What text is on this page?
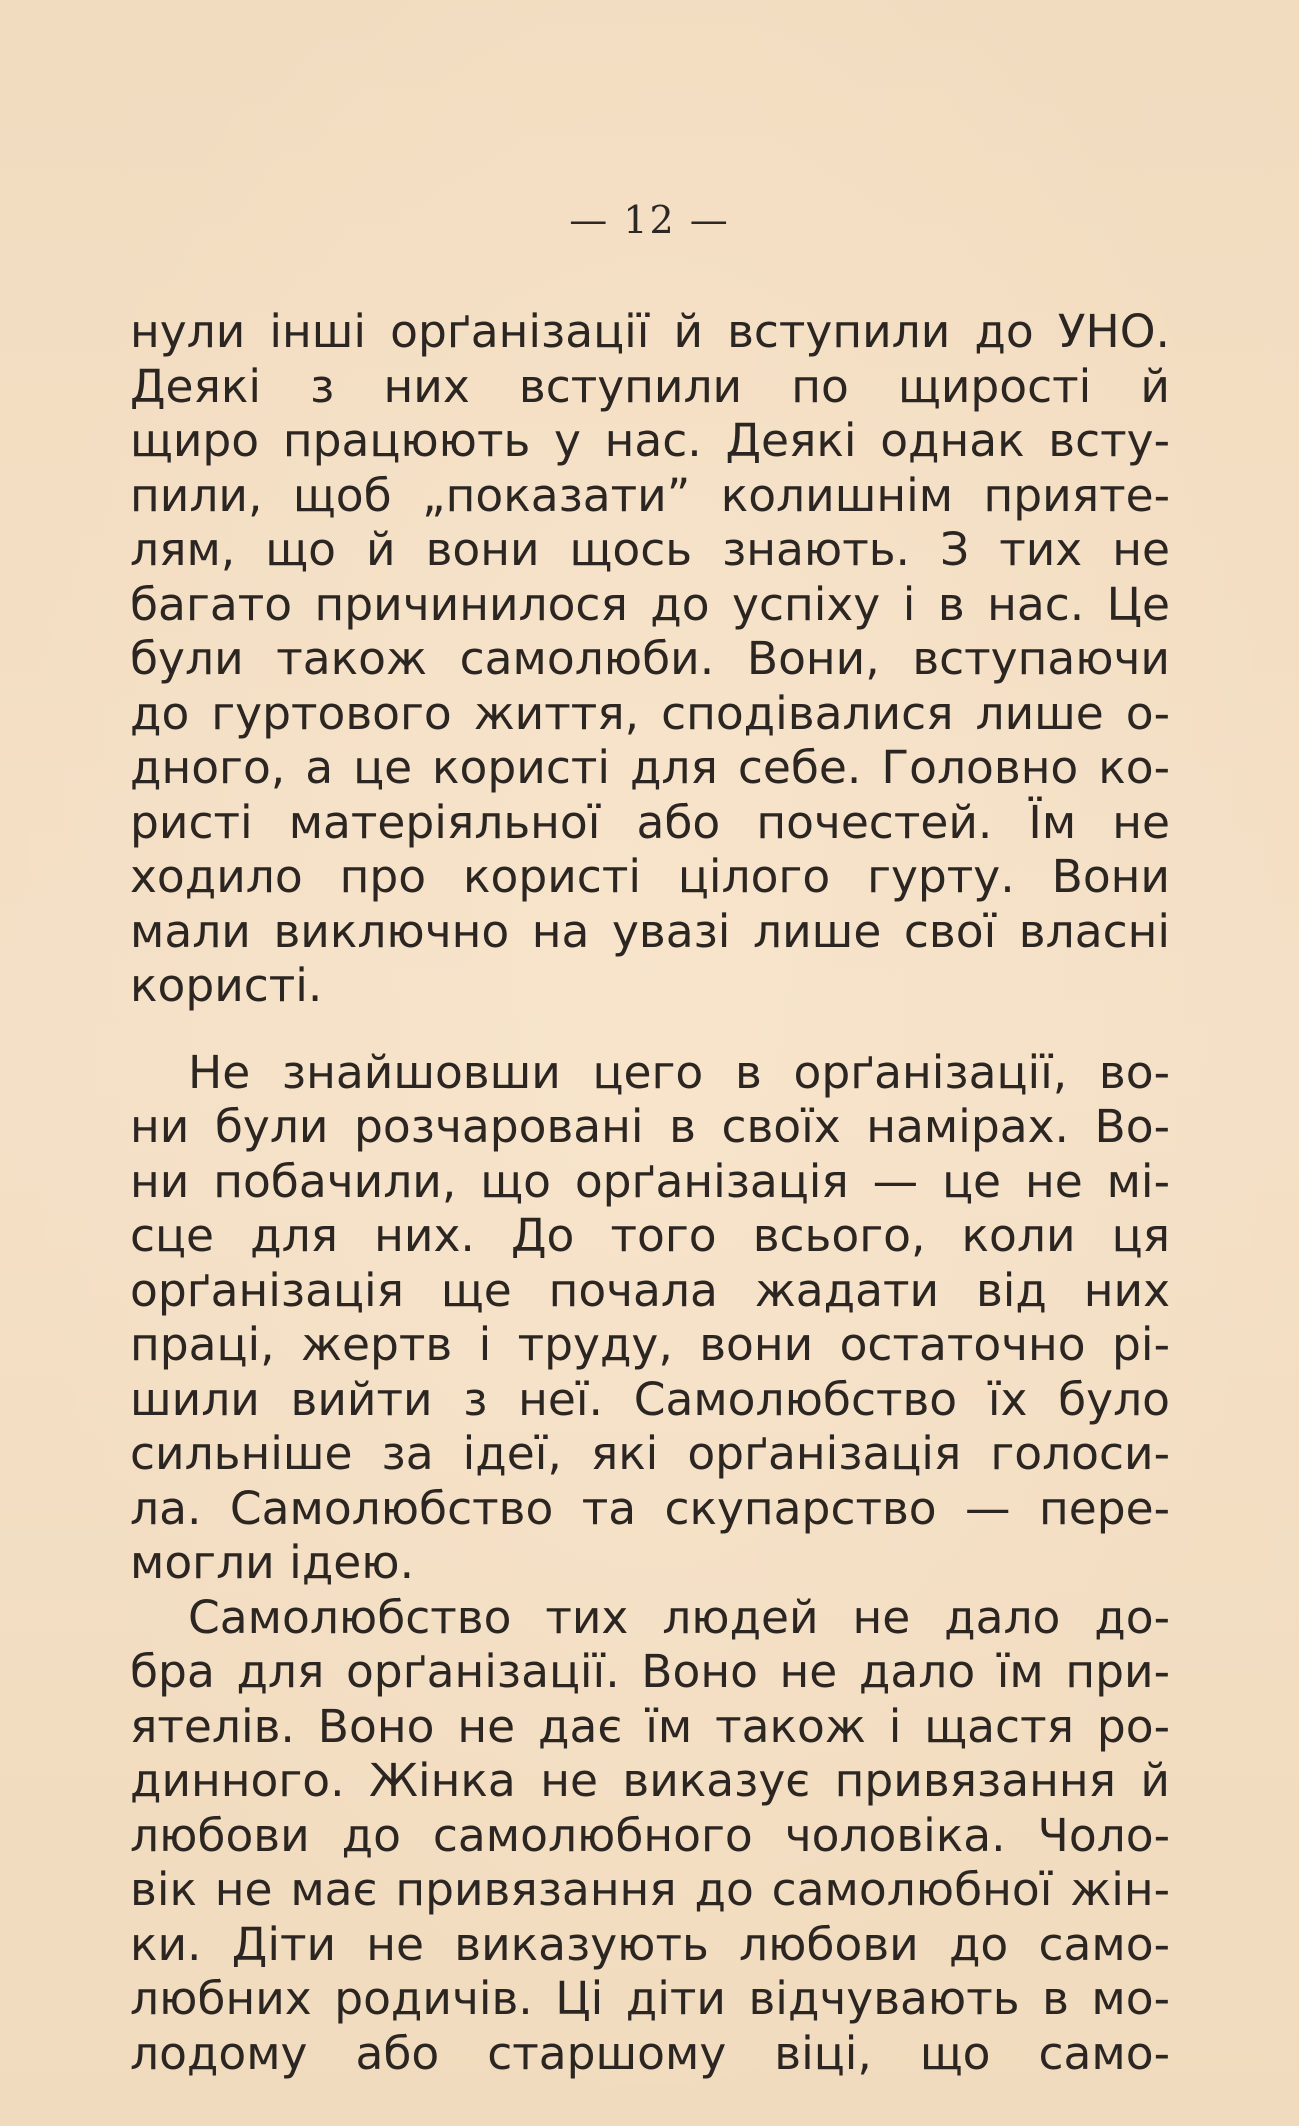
— 12 —
нули інші орґанізації й вступили до УНО.
Деякі з них вступили по щирості й
щиро працюють у нас. Деякі однак всту-
пили, щоб „показати” колишнім прияте-
лям, що й вони щось знають. З тих не
багато причинилося до успіху і в нас. Це
були також самолюби. Вони, вступаючи
до гуртового життя, сподівалися лише о-
дного, а це користі для себе. Головно ко-
ристі матеріяльної або почестей. Їм не
ходило про користі цілого гурту. Вони
мали виключно на увазі лише свої власні
користі.
Не знайшовши цего в орґанізації, во-
ни були розчаровані в своїх намірах. Во-
ни побачили, що орґанізація — це не мі-
сце для них. До того всього, коли ця
орґанізація ще почала жадати від них
праці, жертв і труду, вони остаточно рі-
шили вийти з неї. Самолюбство їх було
сильніше за ідеї, які орґанізація голоси-
ла. Самолюбство та скупарство — пере-
могли ідею.
Самолюбство тих людей не дало до-
бра для орґанізації. Воно не дало їм при-
ятелів. Воно не дає їм також і щастя ро-
динного. Жінка не виказує привязання й
любови до самолюбного чоловіка. Чоло-
вік не має привязання до самолюбної жін-
ки. Діти не виказують любови до само-
любних родичів. Ці діти відчувають в мо-
лодому або старшому віці, що само-
